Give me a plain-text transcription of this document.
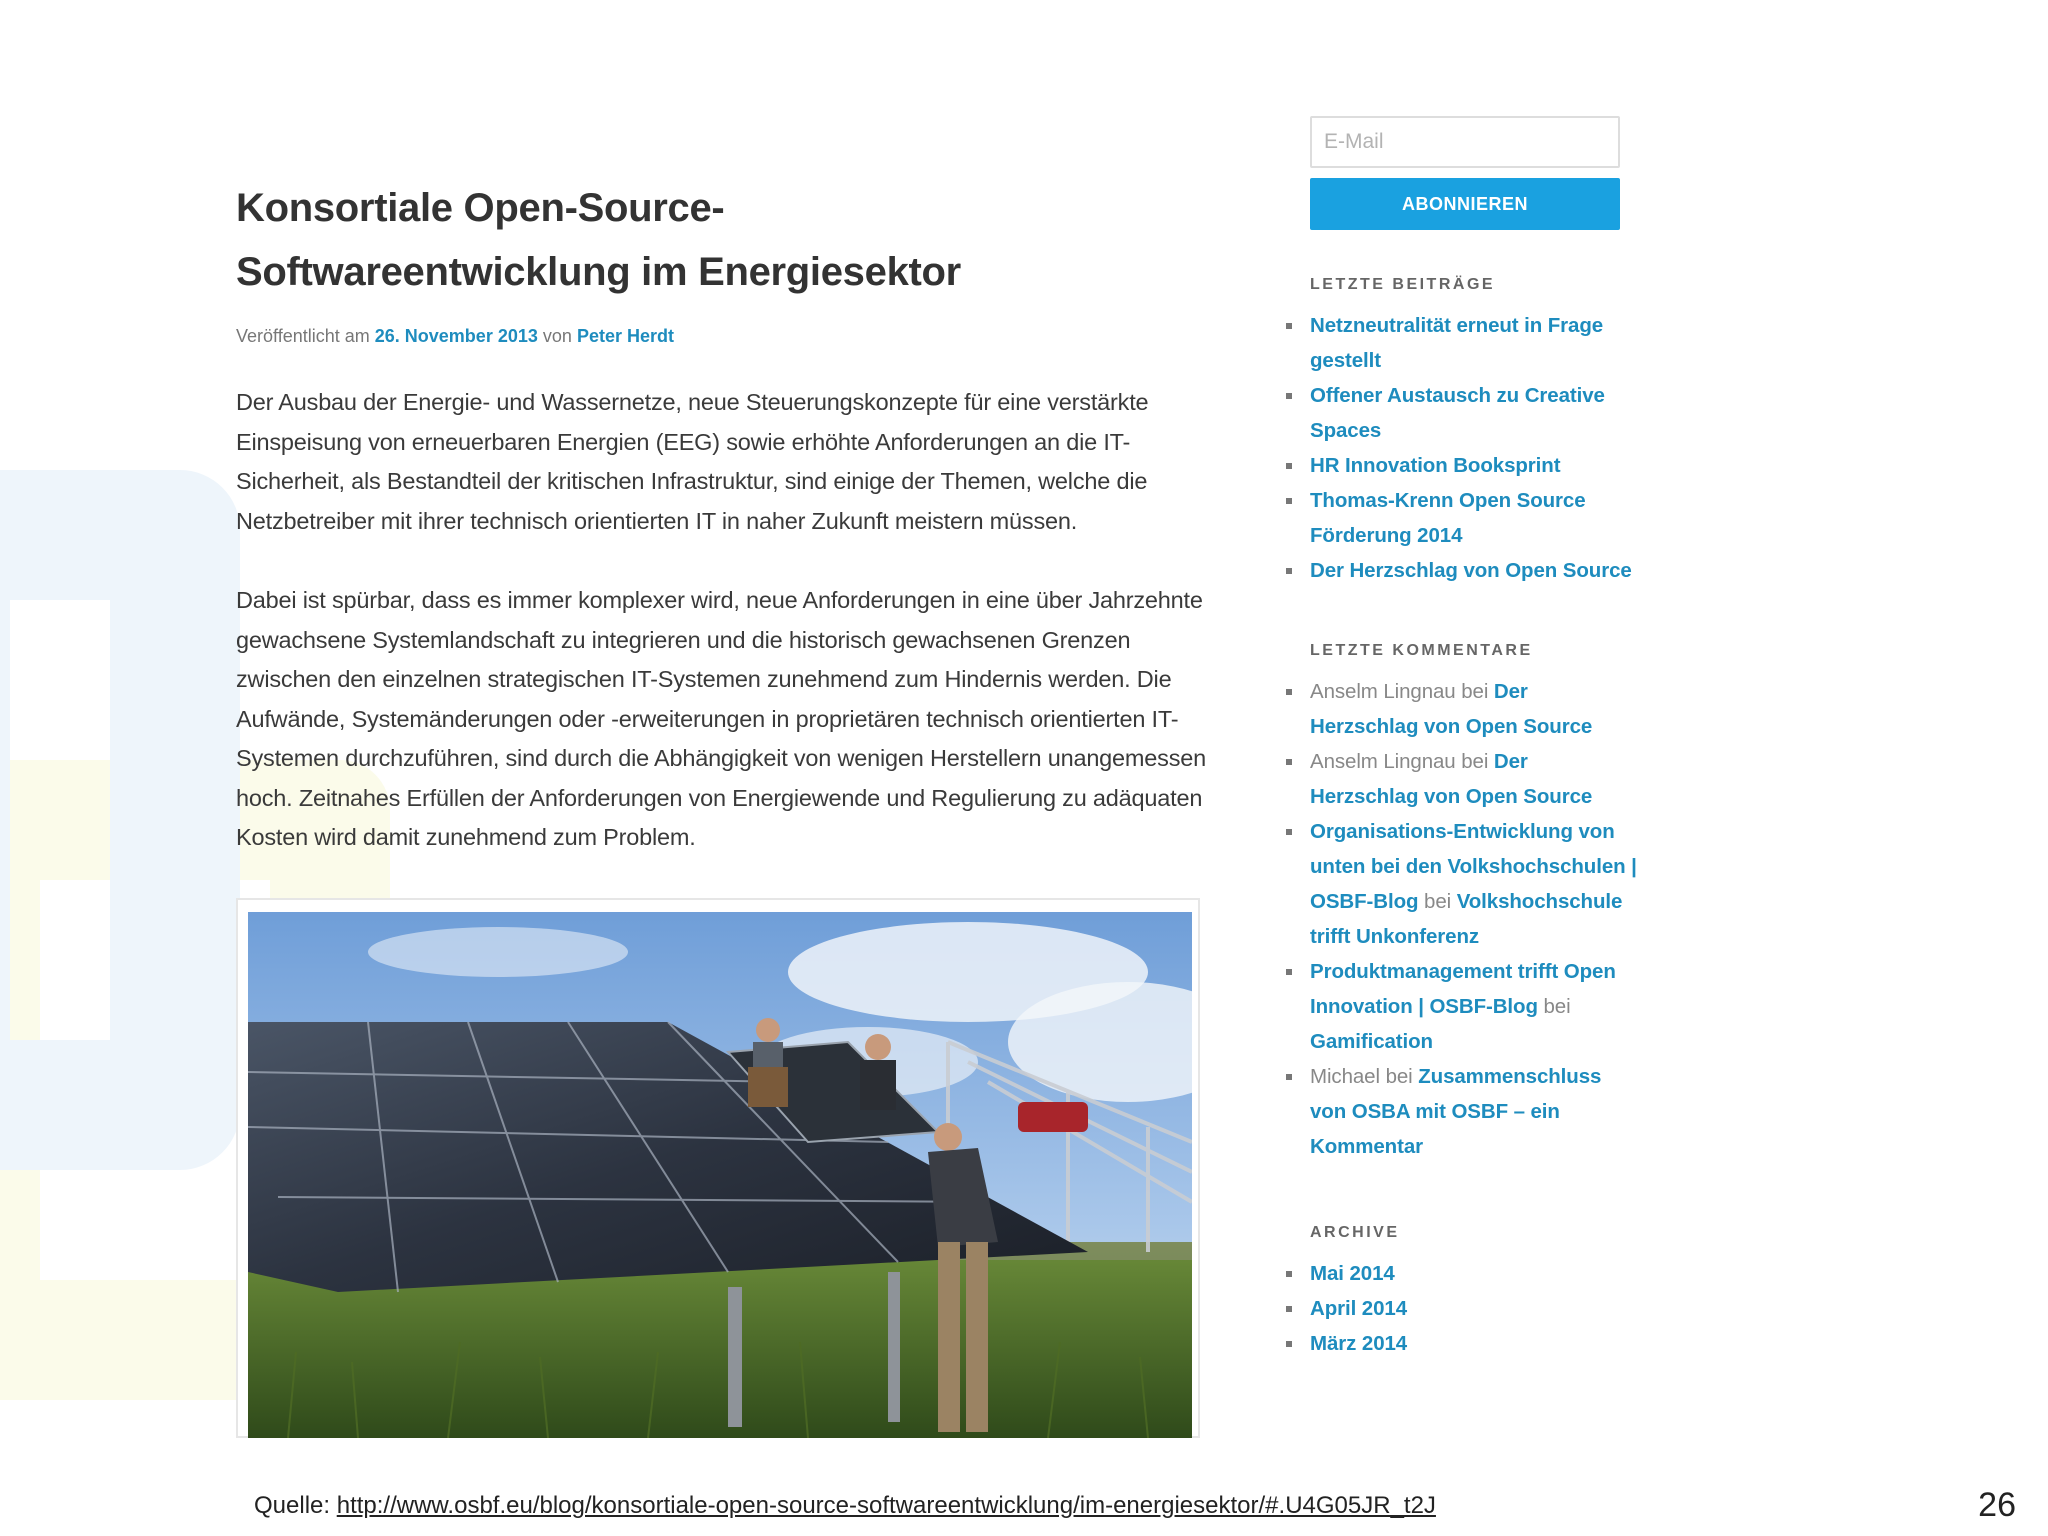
Konsortiale Open-Source-
Softwareentwicklung im Energiesektor
Veröffentlicht am 26. November 2013 von Peter Herdt

Der Ausbau der Energie- und Wassernetze, neue Steuerungskonzepte für eine verstärkte Einspeisung von erneuerbaren Energien (EEG) sowie erhöhte Anforderungen an die IT-Sicherheit, als Bestandteil der kritischen Infrastruktur, sind einige der Themen, welche die Netzbetreiber mit ihrer technisch orientierten IT in naher Zukunft meistern müssen.

Dabei ist spürbar, dass es immer komplexer wird, neue Anforderungen in eine über Jahrzehnte gewachsene Systemlandschaft zu integrieren und die historisch gewachsenen Grenzen zwischen den einzelnen strategischen IT-Systemen zunehmend zum Hindernis werden. Die Aufwände, Systemänderungen oder -erweiterungen in proprietären technisch orientierten IT-Systemen durchzuführen, sind durch die Abhängigkeit von wenigen Herstellern unangemessen hoch. Zeitnahes Erfüllen der Anforderungen von Energiewende und Regulierung zu adäquaten Kosten wird damit zunehmend zum Problem.

E-Mail
ABONNIEREN
LETZTE BEITRÄGE
Netzneutralität erneut in Frage gestellt
Offener Austausch zu Creative Spaces
HR Innovation Booksprint
Thomas-Krenn Open Source Förderung 2014
Der Herzschlag von Open Source
LETZTE KOMMENTARE
Anselm Lingnau bei Der Herzschlag von Open Source
Anselm Lingnau bei Der Herzschlag von Open Source
Organisations-Entwicklung von unten bei den Volkshochschulen | OSBF-Blog bei Volkshochschule trifft Unkonferenz
Produktmanagement trifft Open Innovation | OSBF-Blog bei Gamification
Michael bei Zusammenschluss von OSBA mit OSBF – ein Kommentar
ARCHIVE
Mai 2014
April 2014
März 2014
Quelle: http://www.osbf.eu/blog/konsortiale-open-source-softwareentwicklung/im-energiesektor/#.U4G05JR_t2J	26
